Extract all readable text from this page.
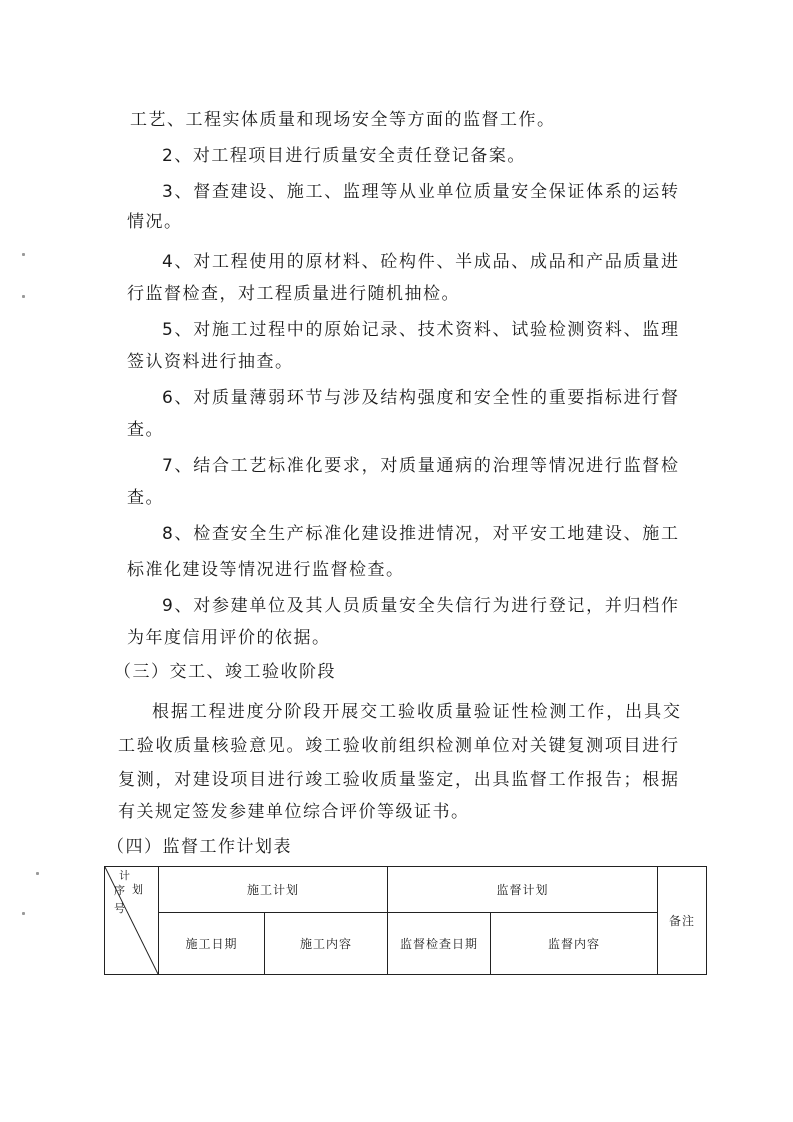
工艺、工程实体质量和现场安全等方面的监督工作。
2、对工程项目进行质量安全责任登记备案。
3、督查建设、施工、监理等从业单位质量安全保证体系的运转
情况。
4、对工程使用的原材料、砼构件、半成品、成品和产品质量进
行监督检查，对工程质量进行随机抽检。
5、对施工过程中的原始记录、技术资料、试验检测资料、监理
签认资料进行抽查。
6、对质量薄弱环节与涉及结构强度和安全性的重要指标进行督
查。
7、结合工艺标准化要求，对质量通病的治理等情况进行监督检
查。
8、检查安全生产标准化建设推进情况，对平安工地建设、施工
标准化建设等情况进行监督检查。
9、对参建单位及其人员质量安全失信行为进行登记，并归档作
为年度信用评价的依据。
（三）交工、竣工验收阶段
根据工程进度分阶段开展交工验收质量验证性检测工作，出具交
工验收质量核验意见。竣工验收前组织检测单位对关键复测项目进行
复测，对建设项目进行竣工验收质量鉴定，出具监督工作报告；根据
有关规定签发参建单位综合评价等级证书。
（四）监督工作计划表
计
划
序
号	施工计划		监督计划		备注
	施工日期	施工内容	监督检查日期	监督内容	
